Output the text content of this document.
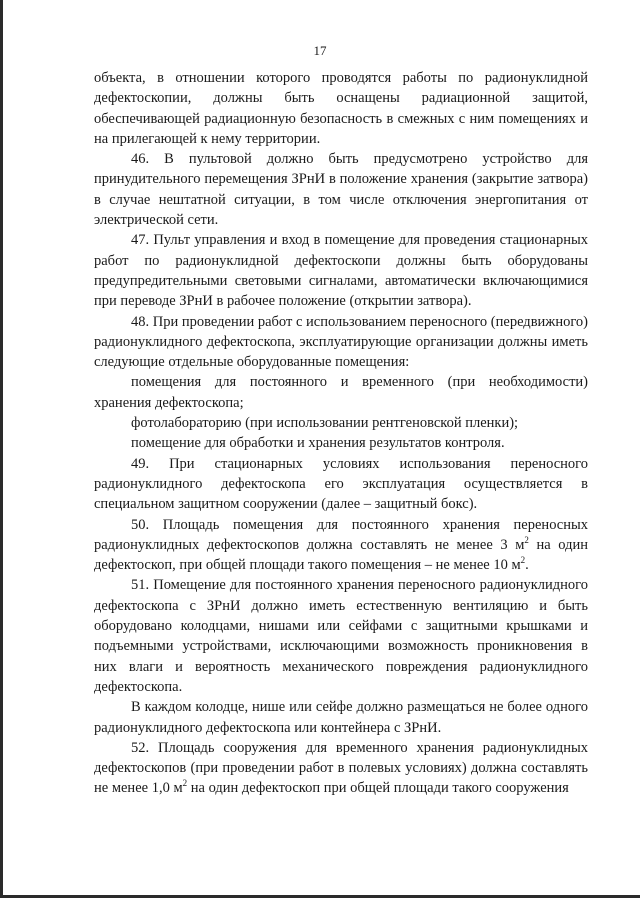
17

объекта, в отношении которого проводятся работы по радионуклидной дефектоскопии, должны быть оснащены радиационной защитой, обеспечивающей радиационную безопасность в смежных с ним помещениях и на прилегающей к нему территории.

46. В пультовой должно быть предусмотрено устройство для принудительного перемещения ЗРнИ в положение хранения (закрытие затвора) в случае нештатной ситуации, в том числе отключения энергопитания от электрической сети.

47. Пульт управления и вход в помещение для проведения стационарных работ по радионуклидной дефектоскопи должны быть оборудованы предупредительными световыми сигналами, автоматически включающимися при переводе ЗРнИ в рабочее положение (открытии затвора).

48. При проведении работ с использованием переносного (передвижного) радионуклидного дефектоскопа, эксплуатирующие организации должны иметь следующие отдельные оборудованные помещения:

помещения для постоянного и временного (при необходимости) хранения дефектоскопа;

фотолабораторию (при использовании рентгеновской пленки);

помещение для обработки и хранения результатов контроля.

49. При стационарных условиях использования переносного радионуклидного дефектоскопа его эксплуатация осуществляется в специальном защитном сооружении (далее – защитный бокс).

50. Площадь помещения для постоянного хранения переносных радионуклидных дефектоскопов должна составлять не менее 3 $м^2$ на один дефектоскоп, при общей площади такого помещения – не менее 10 $м^2$.

51. Помещение для постоянного хранения переносного радионуклидного дефектоскопа с ЗРнИ должно иметь естественную вентиляцию и быть оборудовано колодцами, нишами или сейфами с защитными крышками и подъемными устройствами, исключающими возможность проникновения в них влаги и вероятность механического повреждения радионуклидного дефектоскопа.

В каждом колодце, нише или сейфе должно размещаться не более одного радионуклидного дефектоскопа или контейнера с ЗРнИ.

52. Площадь сооружения для временного хранения радионуклидных дефектоскопов (при проведении работ в полевых условиях) должна составлять не менее 1,0 $м^2$ на один дефектоскоп при общей площади такого сооружения
